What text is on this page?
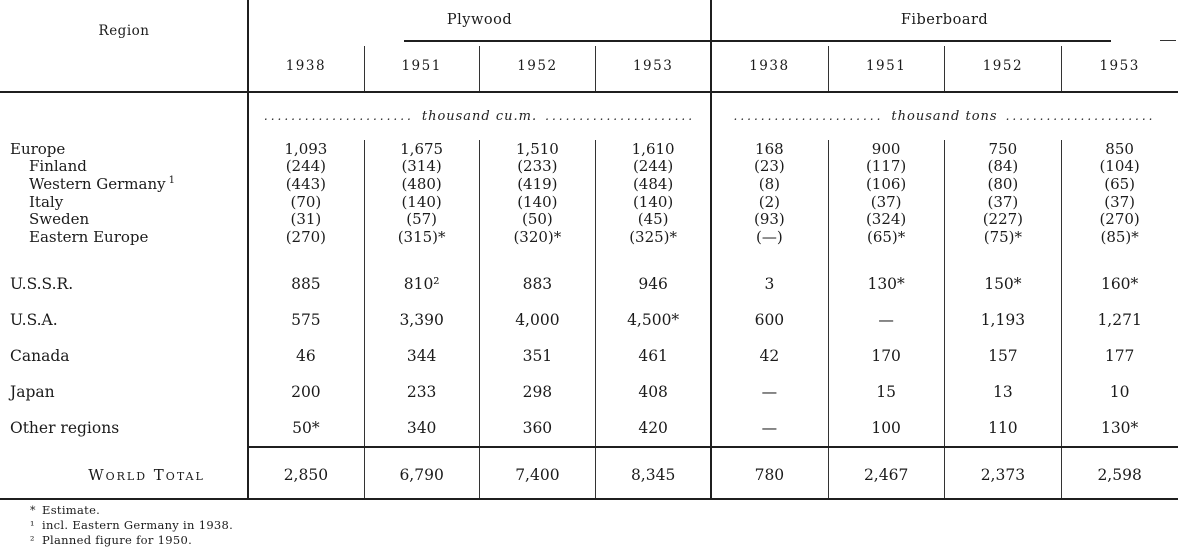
Region
Plywood
1938	1951	1952	1953
Fiberboard
1938	1951	1952	1953
...................... thousand cu.m. ......................	...................... thousand tons ......................
Europe	1,093	1,675	1,510	1,610	168	900	750	850
Finland	(244)	(314)	(233)	(244)	(23)	(117)	(84)	(104)
Western Germany $^1$	(443)	(480)	(419)	(484)	(8)	(106)	(80)	(65)
Italy	(70)	(140)	(140)	(140)	(2)	(37)	(37)	(37)
Sweden	(31)	(57)	(50)	(45)	(93)	(324)	(227)	(270)
Eastern Europe	(270)	(315)*	(320)*	(325)*	(—)	(65)*	(75)*	(85)*
U.S.S.R.	885	810²	883	946	3	130*	150*	160*
U.S.A.	575	3,390	4,000	4,500*	600	—	1,193	1,271
Canada	46	344	351	461	42	170	157	177
Japan	200	233	298	408	—	15	13	10
Other regions	50*	340	360	420	—	100	110	130*
World Total	2,850	6,790	7,400	8,345	780	2,467	2,373	2,598
* Estimate.
¹ incl. Eastern Germany in 1938.
² Planned figure for 1950.
